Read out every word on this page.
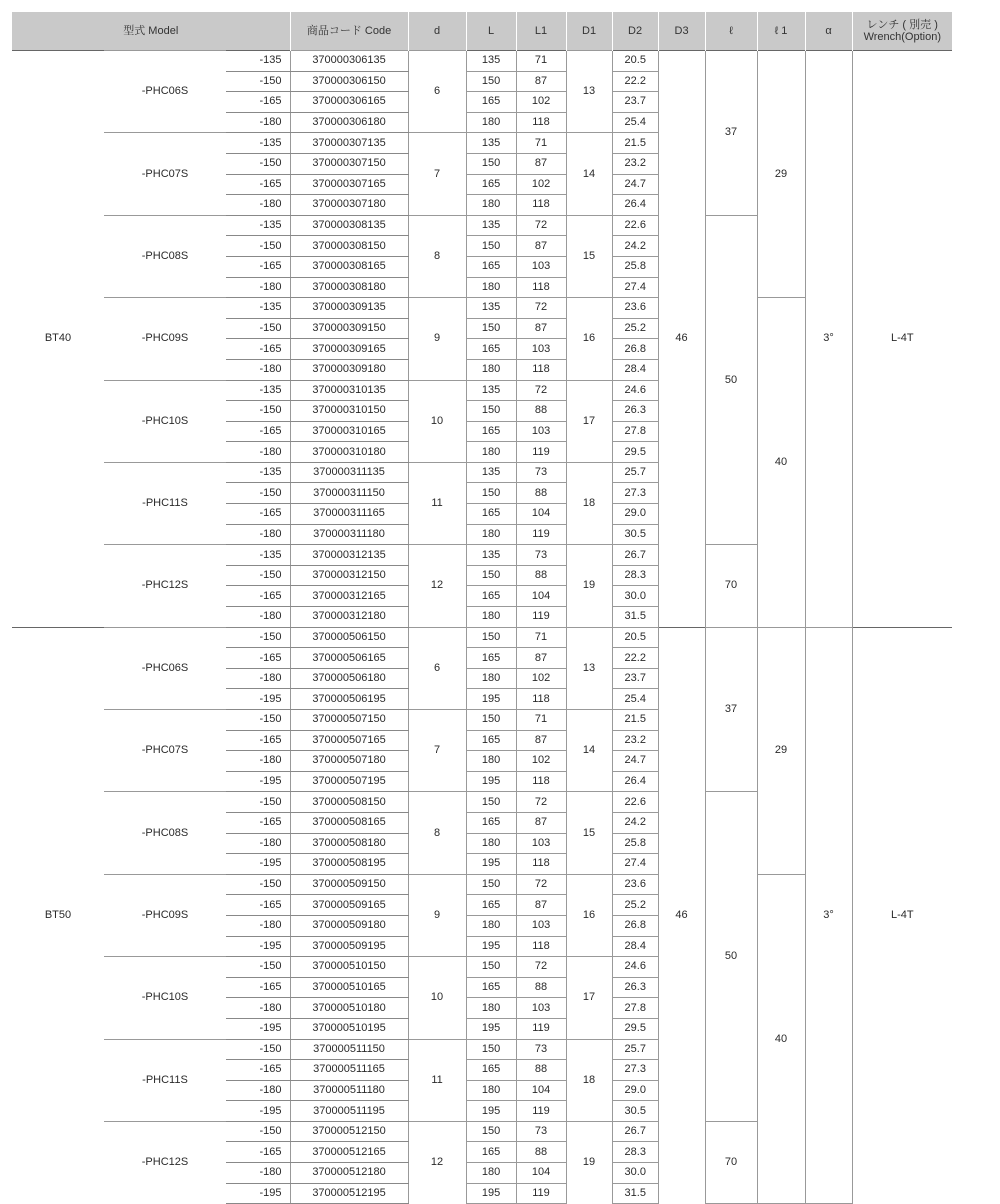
型式 Model			商品コード Code	d	L	L1	D1	D2	D3	ℓ	ℓ 1	α	レンチ ( 別売 )
Wrench(Option)
BT40	-PHC06S	-135	370000306135	6	135	71	13	20.5	46	37	29	3°	L-4T
		-150	370000306150		150	87		22.2					
		-165	370000306165		165	102		23.7					
		-180	370000306180		180	118		25.4					
	-PHC07S	-135	370000307135	7	135	71	14	21.5					
		-150	370000307150		150	87		23.2					
		-165	370000307165		165	102		24.7					
		-180	370000307180		180	118		26.4					
	-PHC08S	-135	370000308135	8	135	72	15	22.6		50			
		-150	370000308150		150	87		24.2					
		-165	370000308165		165	103		25.8					
		-180	370000308180		180	118		27.4					
	-PHC09S	-135	370000309135	9	135	72	16	23.6			40		
		-150	370000309150		150	87		25.2					
		-165	370000309165		165	103		26.8					
		-180	370000309180		180	118		28.4					
	-PHC10S	-135	370000310135	10	135	72	17	24.6					
		-150	370000310150		150	88		26.3					
		-165	370000310165		165	103		27.8					
		-180	370000310180		180	119		29.5					
	-PHC11S	-135	370000311135	11	135	73	18	25.7					
		-150	370000311150		150	88		27.3					
		-165	370000311165		165	104		29.0					
		-180	370000311180		180	119		30.5					
	-PHC12S	-135	370000312135	12	135	73	19	26.7		70			
		-150	370000312150		150	88		28.3					
		-165	370000312165		165	104		30.0					
		-180	370000312180		180	119		31.5					
BT50	-PHC06S	-150	370000506150	6	150	71	13	20.5	46	37	29	3°	L-4T
		-165	370000506165		165	87		22.2					
		-180	370000506180		180	102		23.7					
		-195	370000506195		195	118		25.4					
	-PHC07S	-150	370000507150	7	150	71	14	21.5					
		-165	370000507165		165	87		23.2					
		-180	370000507180		180	102		24.7					
		-195	370000507195		195	118		26.4					
	-PHC08S	-150	370000508150	8	150	72	15	22.6		50			
		-165	370000508165		165	87		24.2					
		-180	370000508180		180	103		25.8					
		-195	370000508195		195	118		27.4					
	-PHC09S	-150	370000509150	9	150	72	16	23.6			40		
		-165	370000509165		165	87		25.2					
		-180	370000509180		180	103		26.8					
		-195	370000509195		195	118		28.4					
	-PHC10S	-150	370000510150	10	150	72	17	24.6					
		-165	370000510165		165	88		26.3					
		-180	370000510180		180	103		27.8					
		-195	370000510195		195	119		29.5					
	-PHC11S	-150	370000511150	11	150	73	18	25.7					
		-165	370000511165		165	88		27.3					
		-180	370000511180		180	104		29.0					
		-195	370000511195		195	119		30.5					
	-PHC12S	-150	370000512150	12	150	73	19	26.7		70			
		-165	370000512165		165	88		28.3					
		-180	370000512180		180	104		30.0					
		-195	370000512195		195	119		31.5					
